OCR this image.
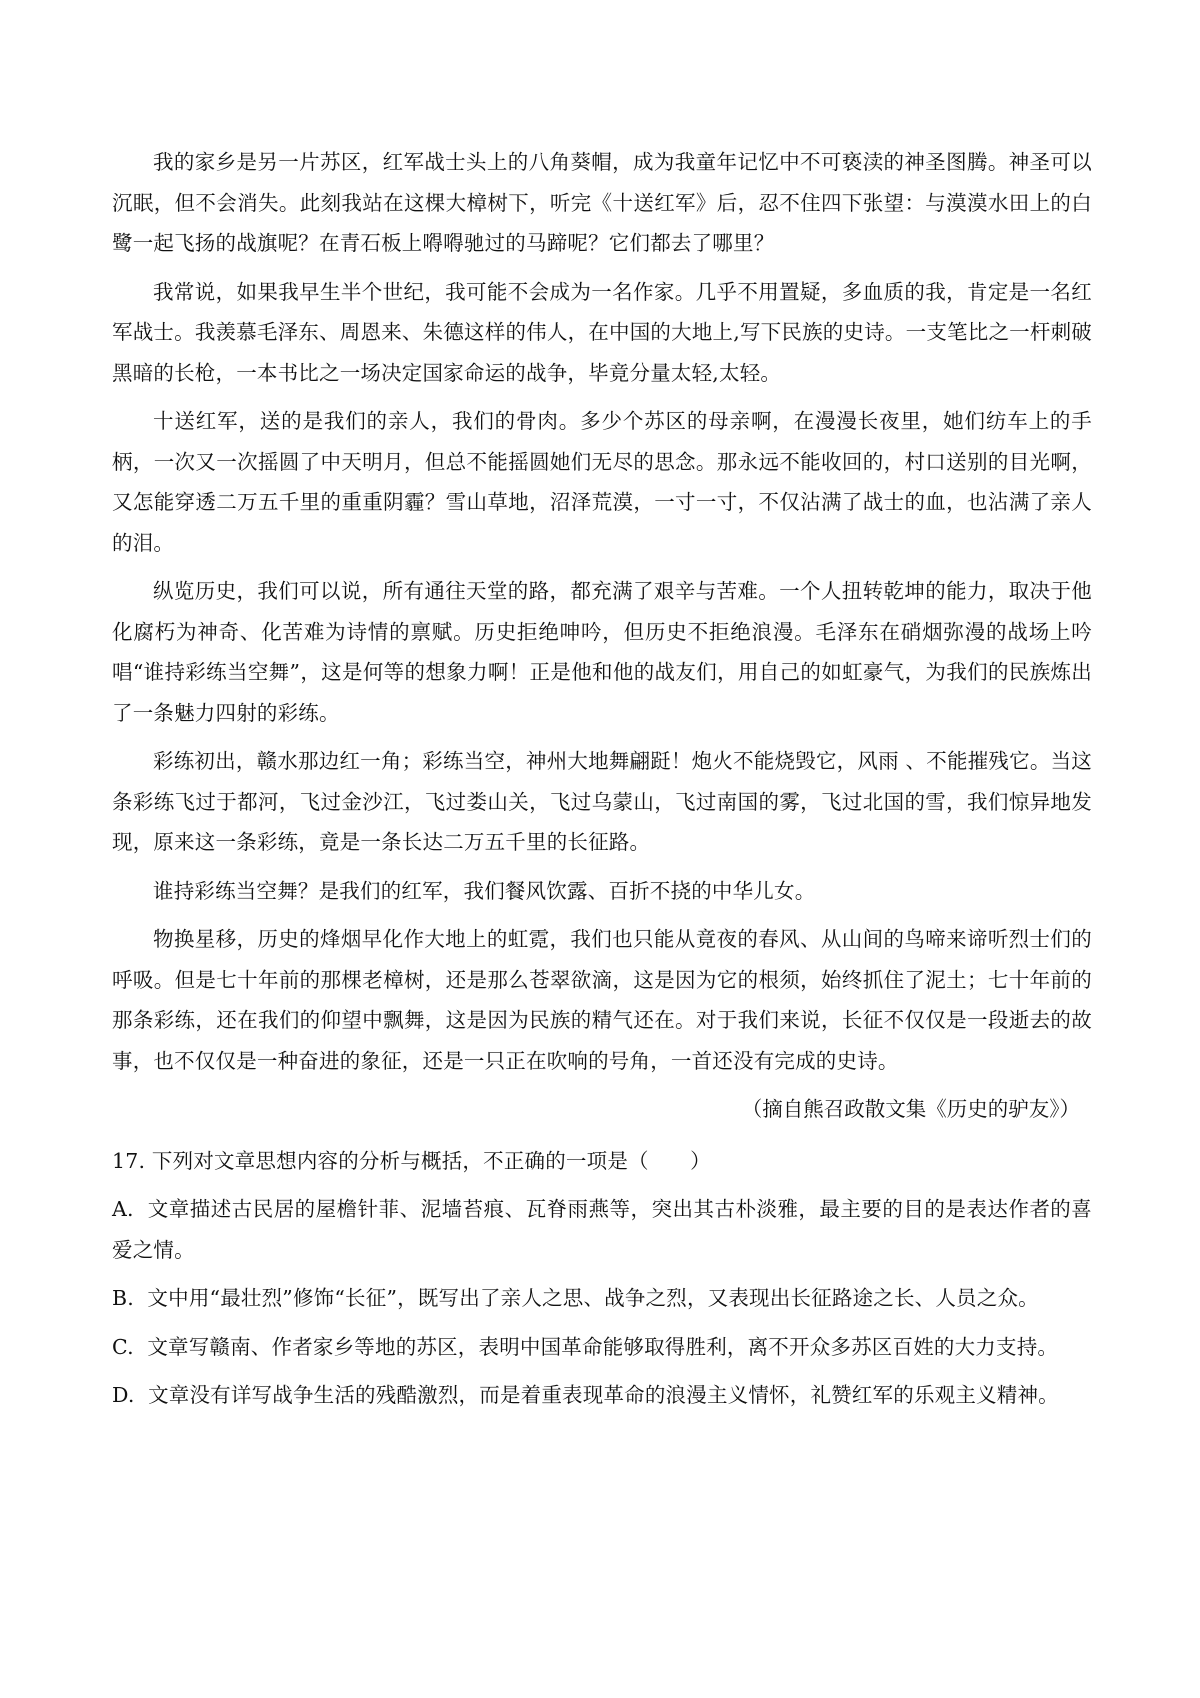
我的家乡是另一片苏区，红军战士头上的八角葵帽，成为我童年记忆中不可亵渎的神圣图腾。神圣可以沉眠，但不会消失。此刻我站在这棵大樟树下，听完《十送红军》后，忍不住四下张望：与漠漠水田上的白鹭一起飞扬的战旗呢？在青石板上嘚嘚驰过的马蹄呢？它们都去了哪里？

我常说，如果我早生半个世纪，我可能不会成为一名作家。几乎不用置疑，多血质的我，肯定是一名红军战士。我羡慕毛泽东、周恩来、朱德这样的伟人，在中国的大地上,写下民族的史诗。一支笔比之一杆刺破黑暗的长枪，一本书比之一场决定国家命运的战争，毕竟分量太轻,太轻。

十送红军，送的是我们的亲人，我们的骨肉。多少个苏区的母亲啊，在漫漫长夜里，她们纺车上的手柄，一次又一次摇圆了中天明月，但总不能摇圆她们无尽的思念。那永远不能收回的，村口送别的目光啊，又怎能穿透二万五千里的重重阴霾？雪山草地，沼泽荒漠，一寸一寸，不仅沾满了战士的血，也沾满了亲人的泪。

纵览历史，我们可以说，所有通往天堂的路，都充满了艰辛与苦难。一个人扭转乾坤的能力，取决于他化腐朽为神奇、化苦难为诗情的禀赋。历史拒绝呻吟，但历史不拒绝浪漫。毛泽东在硝烟弥漫的战场上吟唱“谁持彩练当空舞”，这是何等的想象力啊！正是他和他的战友们，用自己的如虹豪气，为我们的民族炼出了一条魅力四射的彩练。

彩练初出，赣水那边红一角；彩练当空，神州大地舞翩跹！炮火不能烧毁它，风雨 、不能摧残它。当这条彩练飞过于都河，飞过金沙江，飞过娄山关，飞过乌蒙山，飞过南国的雾，飞过北国的雪，我们惊异地发现，原来这一条彩练，竟是一条长达二万五千里的长征路。

谁持彩练当空舞？是我们的红军，我们餐风饮露、百折不挠的中华儿女。

物换星移，历史的烽烟早化作大地上的虹霓，我们也只能从竟夜的春风、从山间的鸟啼来谛听烈士们的呼吸。但是七十年前的那棵老樟树，还是那么苍翠欲滴，这是因为它的根须，始终抓住了泥土；七十年前的那条彩练，还在我们的仰望中飘舞，这是因为民族的精气还在。对于我们来说，长征不仅仅是一段逝去的故事，也不仅仅是一种奋进的象征，还是一只正在吹响的号角，一首还没有完成的史诗。

（摘自熊召政散文集《历史的驴友》）

17. 下列对文章思想内容的分析与概括，不正确的一项是（　　）

A. 文章描述古民居的屋檐针菲、泥墙苔痕、瓦脊雨燕等，突出其古朴淡雅，最主要的目的是表达作者的喜爱之情。

B. 文中用“最壮烈”修饰“长征”，既写出了亲人之思、战争之烈，又表现出长征路途之长、人员之众。

C. 文章写赣南、作者家乡等地的苏区，表明中国革命能够取得胜利，离不开众多苏区百姓的大力支持。

D. 文章没有详写战争生活的残酷激烈，而是着重表现革命的浪漫主义情怀，礼赞红军的乐观主义精神。
